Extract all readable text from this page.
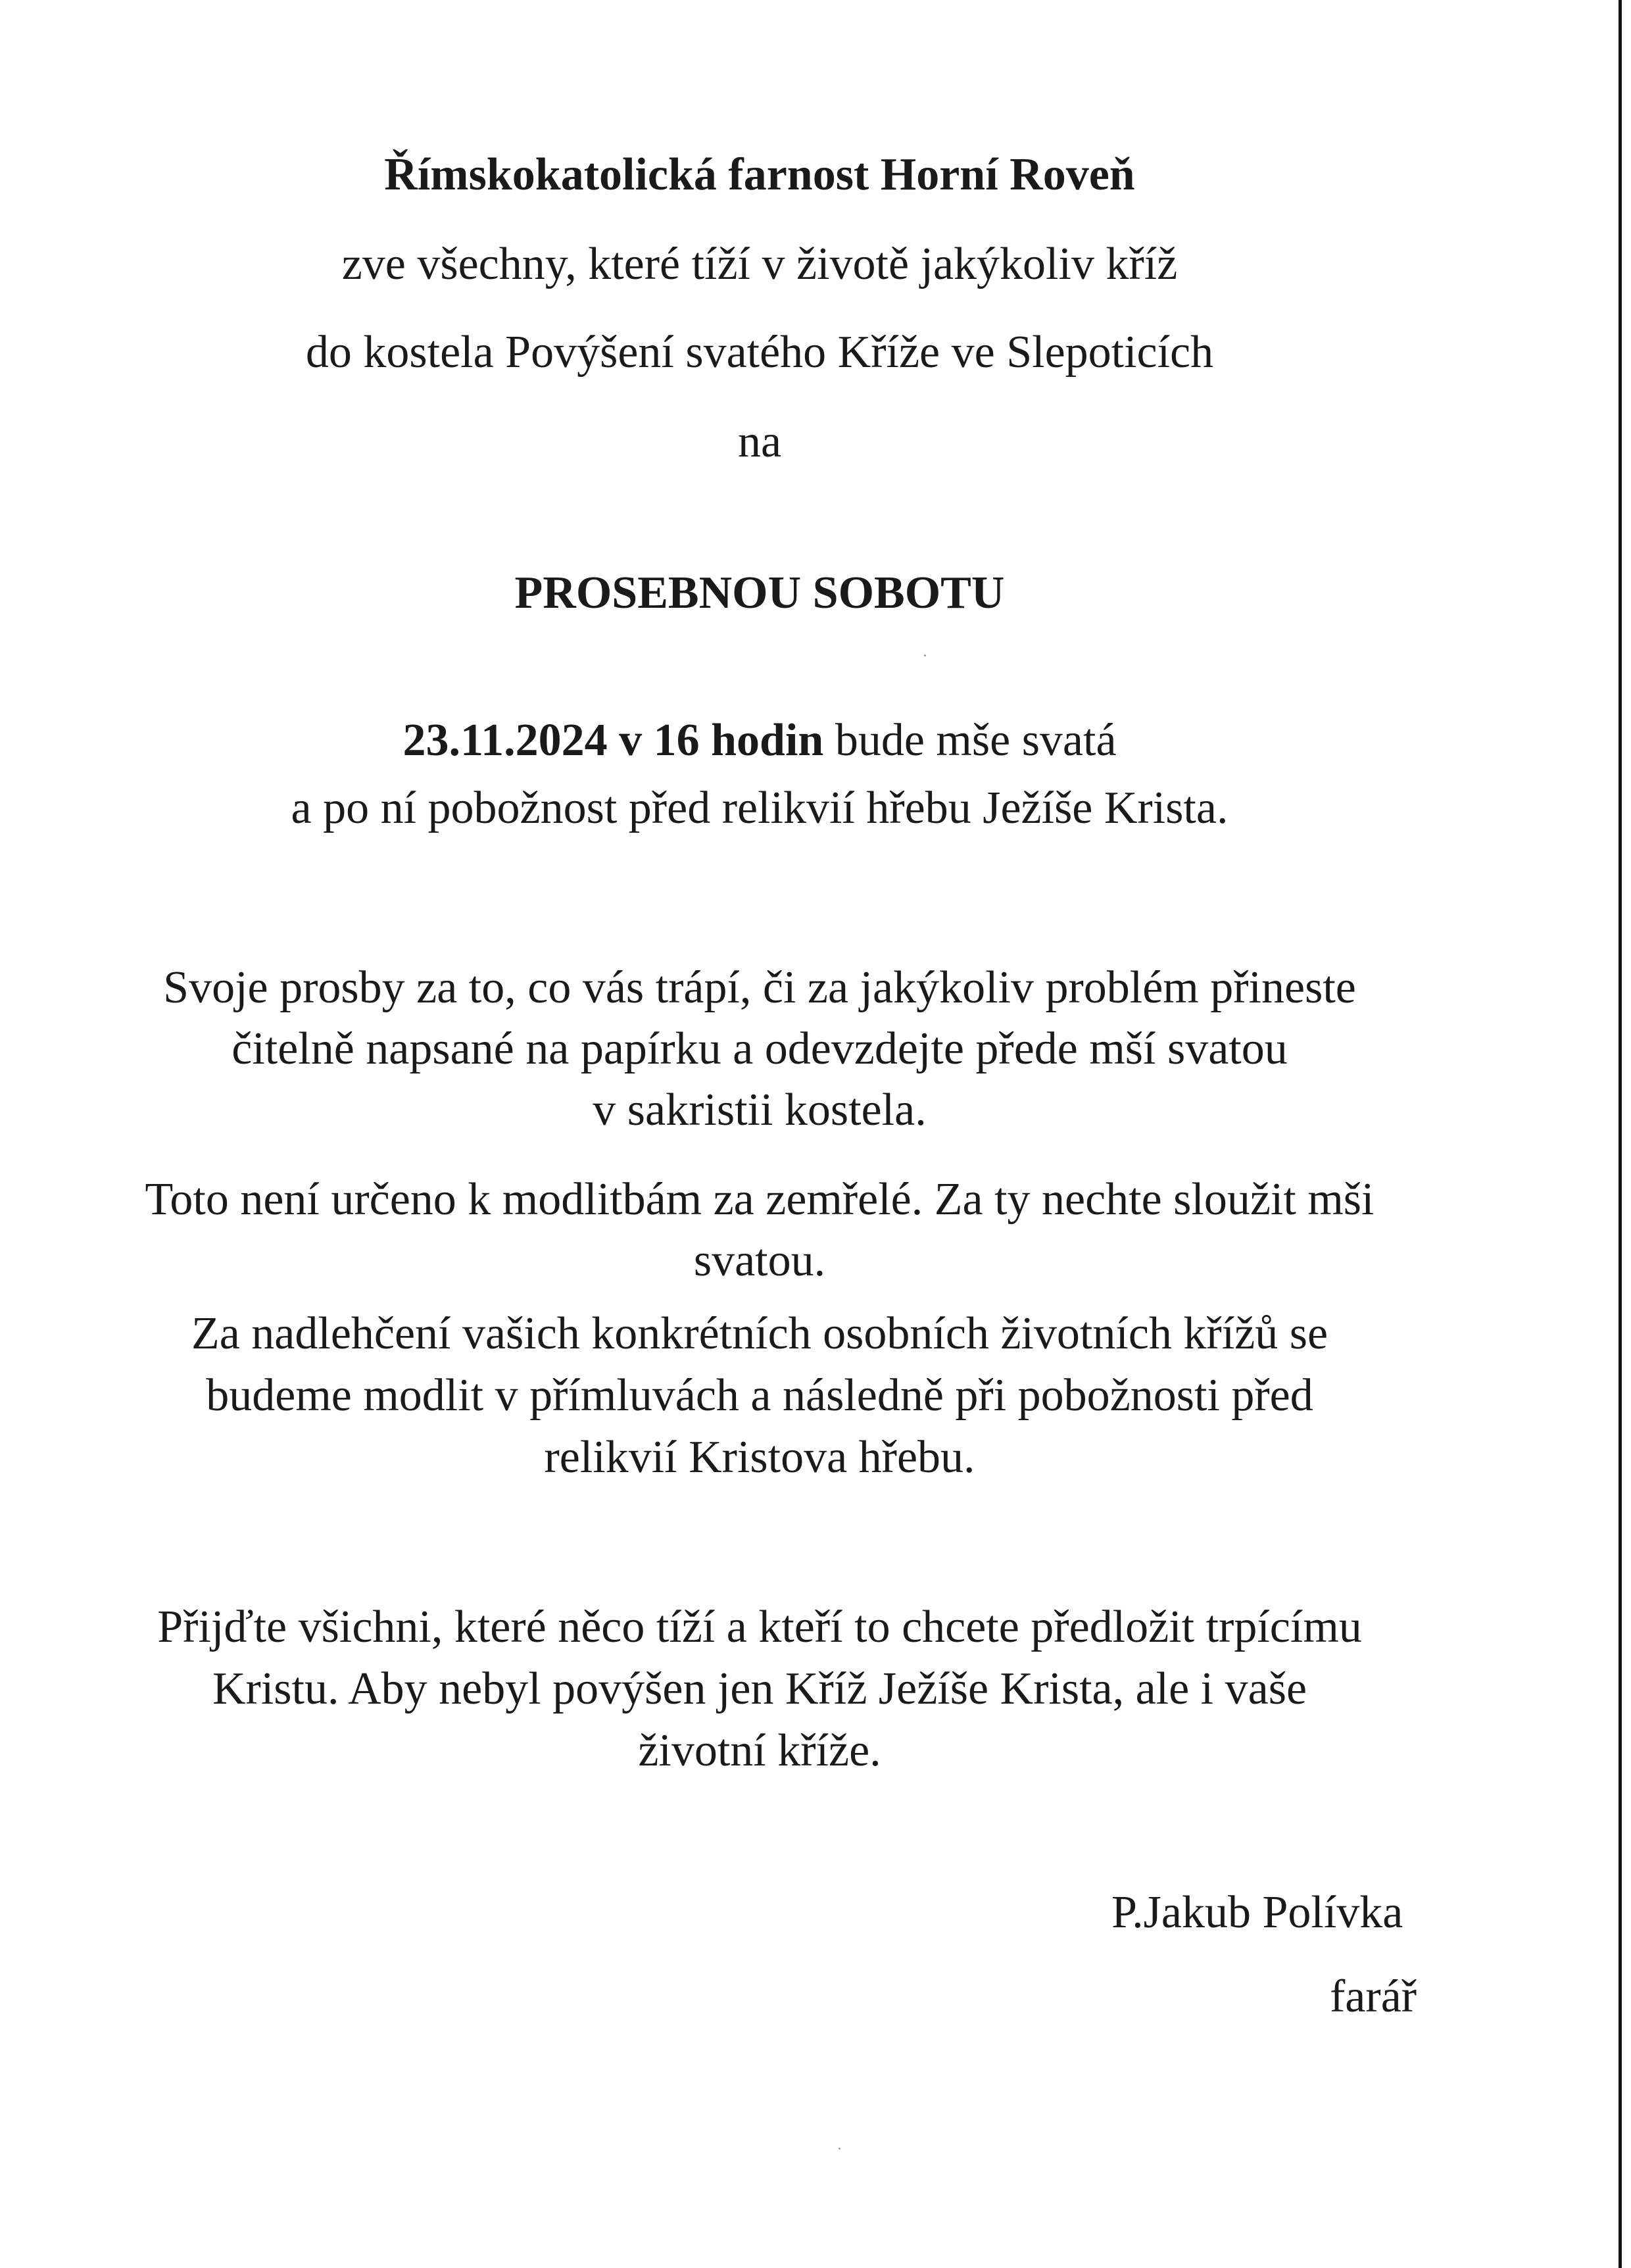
Římskokatolická farnost Horní Roveň
zve všechny, které tíží v životě jakýkoliv kříž
do kostela Povýšení svatého Kříže ve Slepoticích
na
PROSEBNOU SOBOTU
23.11.2024 v 16 hodin bude mše svatá
a po ní pobožnost před relikvií hřebu Ježíše Krista.
Svoje prosby za to, co vás trápí, či za jakýkoliv problém přineste
čitelně napsané na papírku a odevzdejte přede mší svatou
v sakristii kostela.
Toto není určeno k modlitbám za zemřelé. Za ty nechte sloužit mši
svatou.
Za nadlehčení vašich konkrétních osobních životních křížů se
budeme modlit v přímluvách a následně při pobožnosti před
relikvií Kristova hřebu.
Přijďte všichni, které něco tíží a kteří to chcete předložit trpícímu
Kristu. Aby nebyl povýšen jen Kříž Ježíše Krista, ale i vaše
životní kříže.
P.Jakub Polívka
farář
